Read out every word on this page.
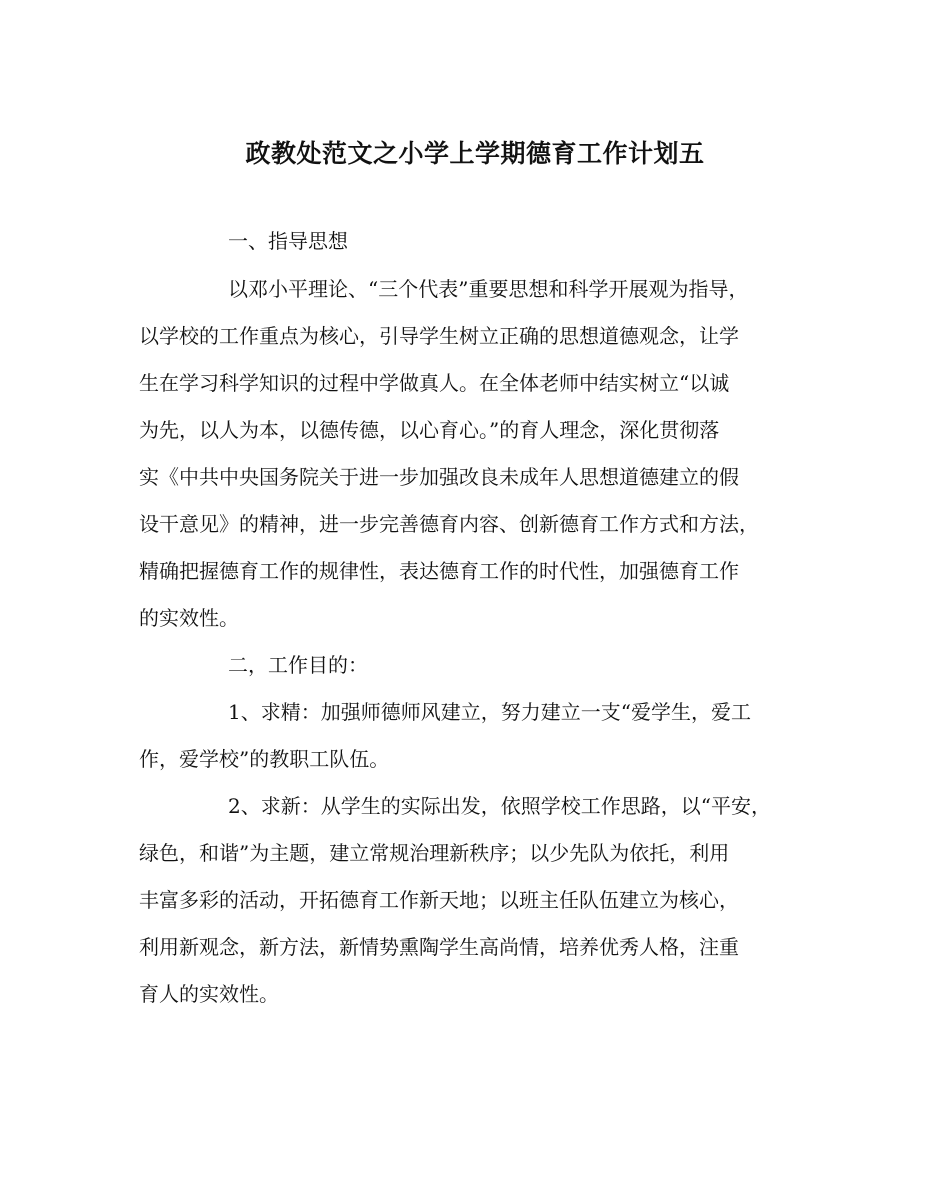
政教处范文之小学上学期德育工作计划五
一、指导思想
以邓小平理论、“三个代表”重要思想和科学开展观为指导，
以学校的工作重点为核心，引导学生树立正确的思想道德观念，让学
生在学习科学知识的过程中学做真人。在全体老师中结实树立“以诚
为先，以人为本，以德传德，以心育心。”的育人理念，深化贯彻落
实《中共中央国务院关于进一步加强改良未成年人思想道德建立的假
设干意见》的精神，进一步完善德育内容、创新德育工作方式和方法，
精确把握德育工作的规律性，表达德育工作的时代性，加强德育工作
的实效性。
二，工作目的：
1、求精：加强师德师风建立，努力建立一支“爱学生，爱工
作，爱学校”的教职工队伍。
2、求新：从学生的实际出发，依照学校工作思路，以“平安，
绿色，和谐”为主题，建立常规治理新秩序；以少先队为依托，利用
丰富多彩的活动，开拓德育工作新天地；以班主任队伍建立为核心，
利用新观念，新方法，新情势熏陶学生高尚情，培养优秀人格，注重
育人的实效性。
